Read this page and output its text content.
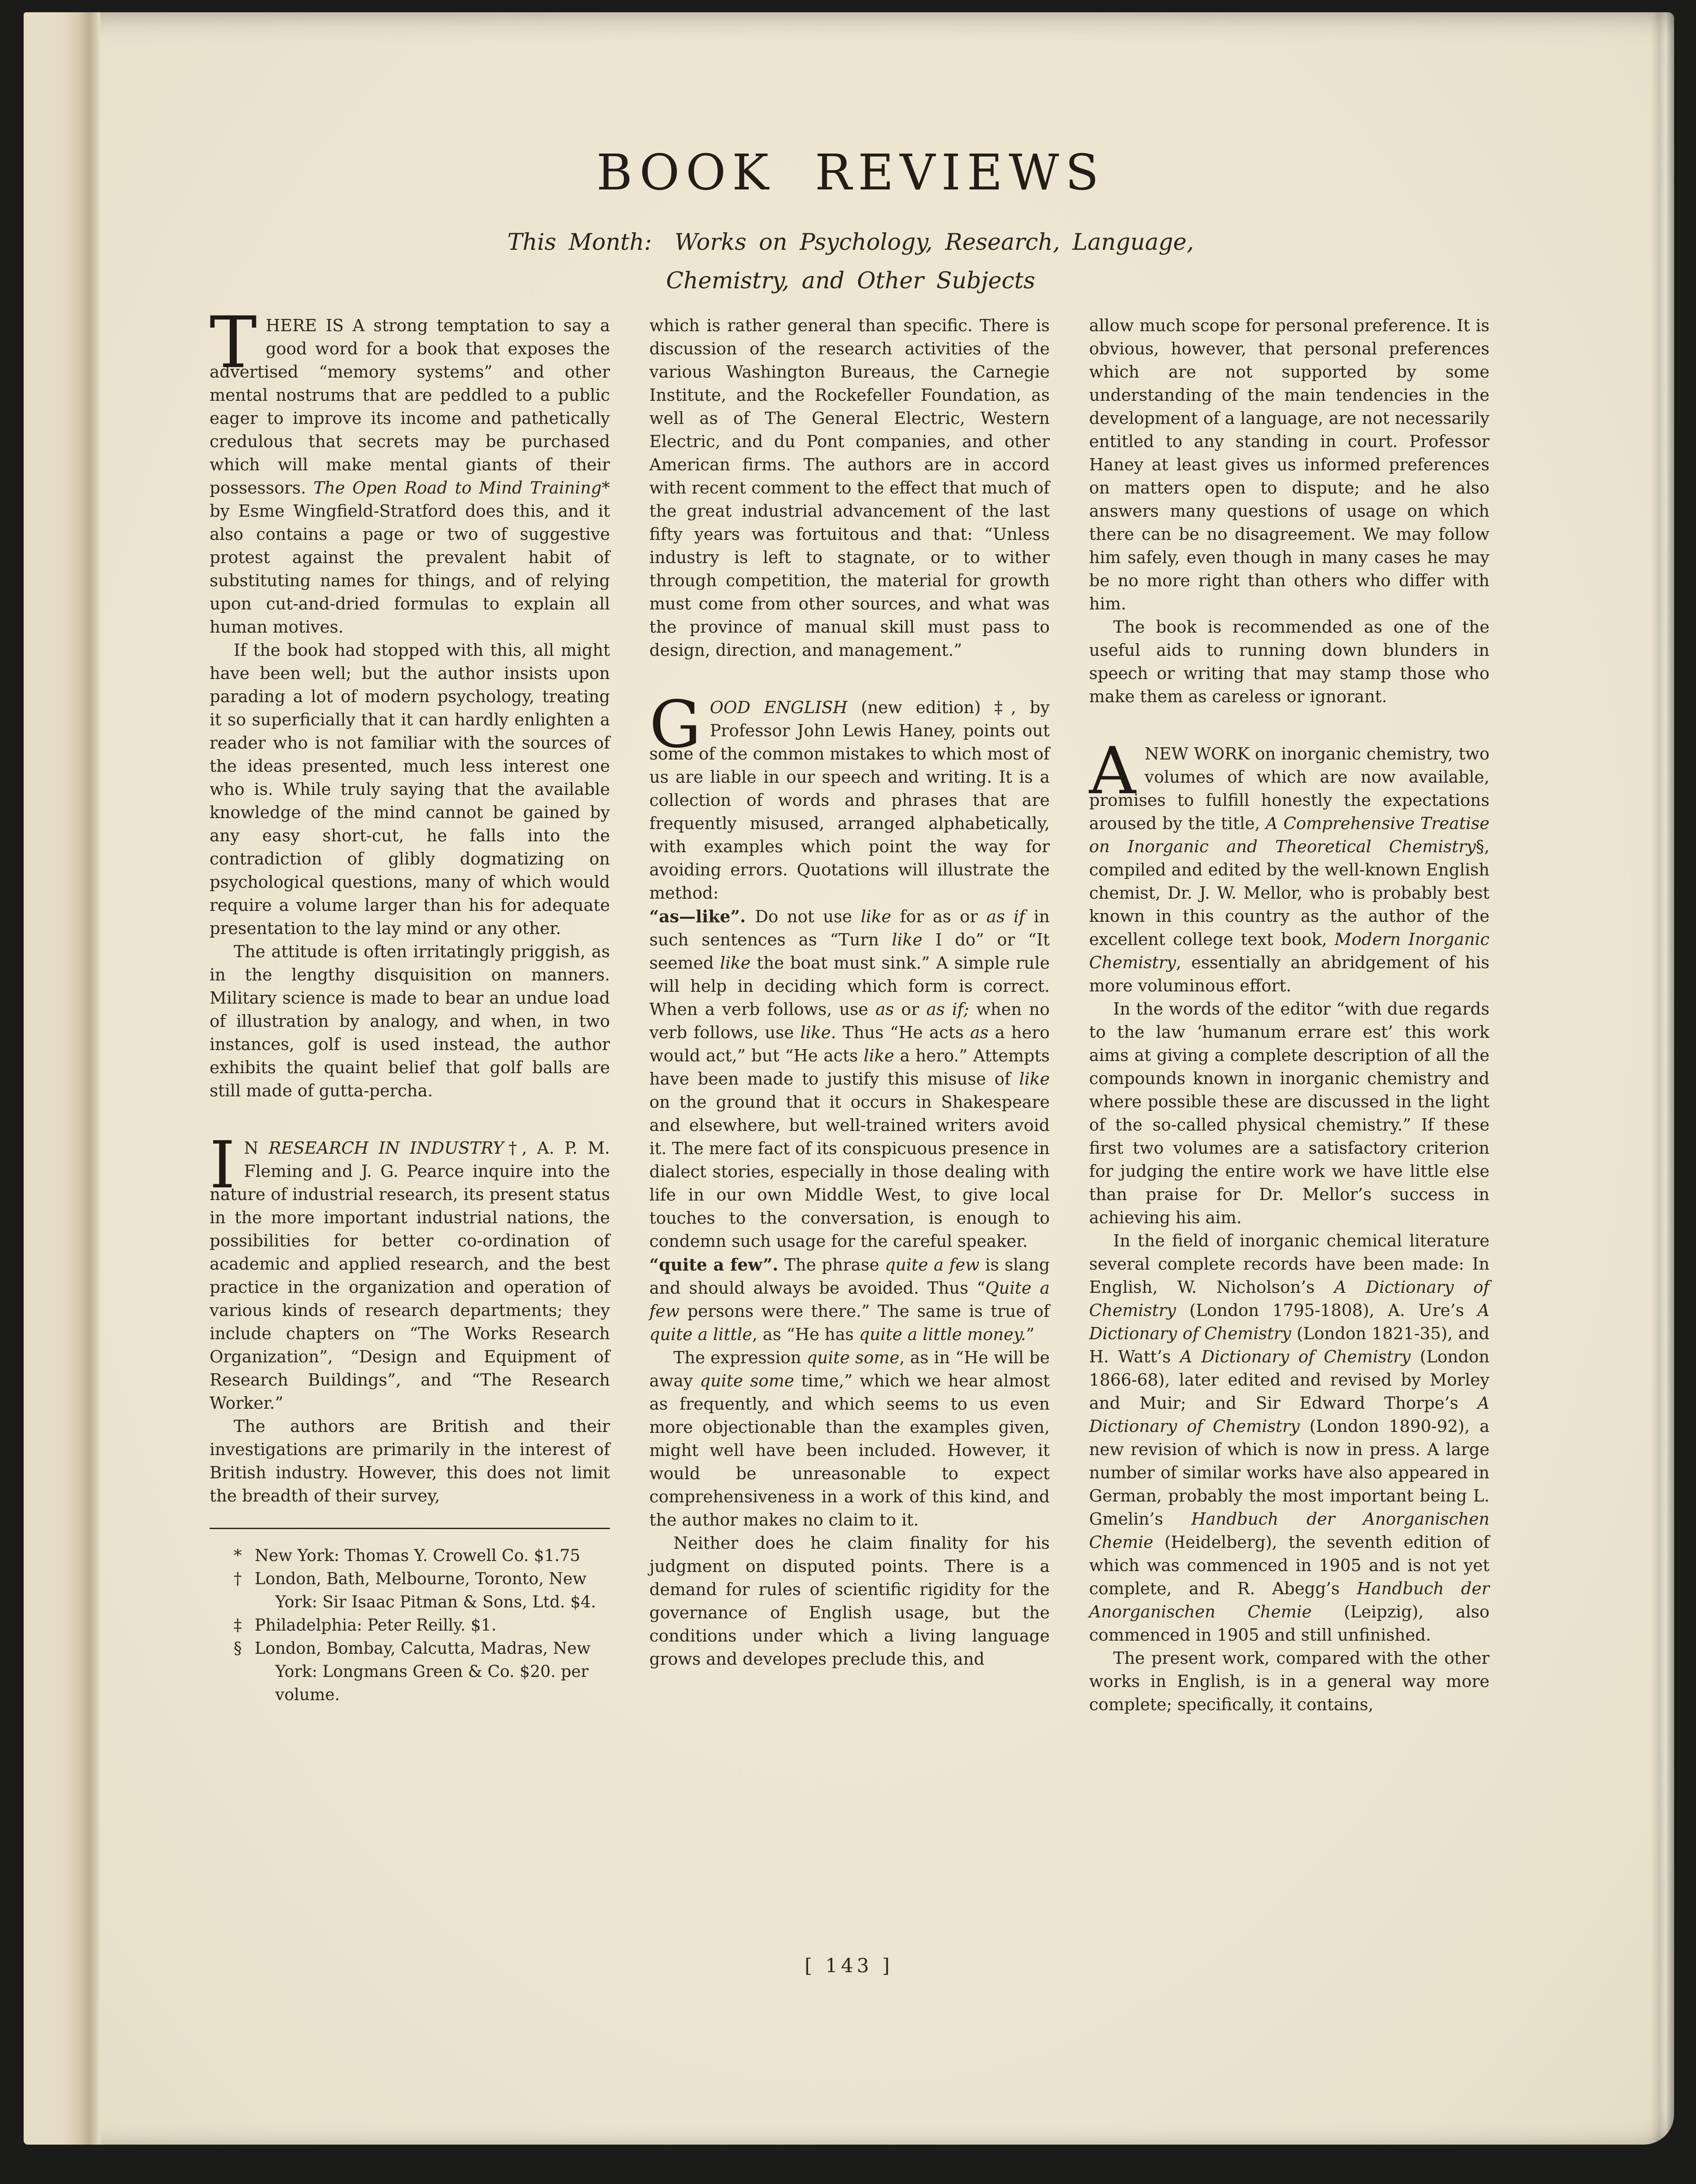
BOOK REVIEWS
This Month: Works on Psychology, Research, Language,
Chemistry, and Other Subjects

THERE IS A strong temptation to say a good word for a book that exposes the advertised “memory systems” and other mental nostrums that are peddled to a public eager to improve its income and pathetically credulous that secrets may be purchased which will make mental giants of their possessors. The Open Road to Mind Training* by Esme Wingfield-Stratford does this, and it also contains a page or two of suggestive protest against the prevalent habit of substituting names for things, and of relying upon cut-and-dried formulas to explain all human motives.

If the book had stopped with this, all might have been well; but the author insists upon parading a lot of modern psychology, treating it so superficially that it can hardly enlighten a reader who is not familiar with the sources of the ideas presented, much less interest one who is. While truly saying that the available knowledge of the mind cannot be gained by any easy short-cut, he falls into the contradiction of glibly dogmatizing on psychological questions, many of which would require a volume larger than his for adequate presentation to the lay mind or any other.

The attitude is often irritatingly priggish, as in the lengthy disquisition on manners. Military science is made to bear an undue load of illustration by analogy, and when, in two instances, golf is used instead, the author exhibits the quaint belief that golf balls are still made of gutta-percha.

I N RESEARCH IN INDUSTRY†, A. P. M. Fleming and J. G. Pearce inquire into the nature of industrial research, its present status in the more important industrial nations, the possibilities for better co-ordination of academic and applied research, and the best practice in the organization and operation of various kinds of research departments; they include chapters on “The Works Research Organization”, “Design and Equipment of Research Buildings”, and “The Research Worker.”

The authors are British and their investigations are primarily in the interest of British industry. However, this does not limit the breadth of their survey,

* New York: Thomas Y. Crowell Co. $1.75
† London, Bath, Melbourne, Toronto, New York: Sir Isaac Pitman & Sons, Ltd. $4.
‡ Philadelphia: Peter Reilly. $1.
§ London, Bombay, Calcutta, Madras, New York: Longmans Green & Co. $20. per volume.

which is rather general than specific. There is discussion of the research activities of the various Washington Bureaus, the Carnegie Institute, and the Rockefeller Foundation, as well as of The General Electric, Western Electric, and du Pont companies, and other American firms. The authors are in accord with recent comment to the effect that much of the great industrial advancement of the last fifty years was fortuitous and that: “Unless industry is left to stagnate, or to wither through competition, the material for growth must come from other sources, and what was the province of manual skill must pass to design, direction, and management.”

GOOD ENGLISH (new edition) ‡, by Professor John Lewis Haney, points out some of the common mistakes to which most of us are liable in our speech and writing. It is a collection of words and phrases that are frequently misused, arranged alphabetically, with examples which point the way for avoiding errors. Quotations will illustrate the method:

“as—like”. Do not use like for as or as if in such sentences as “Turn like I do” or “It seemed like the boat must sink.” A simple rule will help in deciding which form is correct. When a verb follows, use as or as if; when no verb follows, use like. Thus “He acts as a hero would act,” but “He acts like a hero.” Attempts have been made to justify this misuse of like on the ground that it occurs in Shakespeare and elsewhere, but well-trained writers avoid it. The mere fact of its conspicuous presence in dialect stories, especially in those dealing with life in our own Middle West, to give local touches to the conversation, is enough to condemn such usage for the careful speaker.

“quite a few”. The phrase quite a few is slang and should always be avoided. Thus “Quite a few persons were there.” The same is true of quite a little, as “He has quite a little money.”

The expression quite some, as in “He will be away quite some time,” which we hear almost as frequently, and which seems to us even more objectionable than the examples given, might well have been included. However, it would be unreasonable to expect comprehensiveness in a work of this kind, and the author makes no claim to it.

Neither does he claim finality for his judgment on disputed points. There is a demand for rules of scientific rigidity for the governance of English usage, but the conditions under which a living language grows and developes preclude this, and

allow much scope for personal preference. It is obvious, however, that personal preferences which are not supported by some understanding of the main tendencies in the development of a language, are not necessarily entitled to any standing in court. Professor Haney at least gives us informed preferences on matters open to dispute; and he also answers many questions of usage on which there can be no disagreement. We may follow him safely, even though in many cases he may be no more right than others who differ with him.

The book is recommended as one of the useful aids to running down blunders in speech or writing that may stamp those who make them as careless or ignorant.

A NEW WORK on inorganic chemistry, two volumes of which are now available, promises to fulfill honestly the expectations aroused by the title, A Comprehensive Treatise on Inorganic and Theoretical Chemistry§, compiled and edited by the well-known English chemist, Dr. J. W. Mellor, who is probably best known in this country as the author of the excellent college text book, Modern Inorganic Chemistry, essentially an abridgement of his more voluminous effort.

In the words of the editor “with due regards to the law ‘humanum errare est’ this work aims at giving a complete description of all the compounds known in inorganic chemistry and where possible these are discussed in the light of the so-called physical chemistry.” If these first two volumes are a satisfactory criterion for judging the entire work we have little else than praise for Dr. Mellor’s success in achieving his aim.

In the field of inorganic chemical literature several complete records have been made: In English, W. Nicholson’s A Dictionary of Chemistry (London 1795-1808), A. Ure’s A Dictionary of Chemistry (London 1821-35), and H. Watt’s A Dictionary of Chemistry (London 1866-68), later edited and revised by Morley and Muir; and Sir Edward Thorpe’s A Dictionary of Chemistry (London 1890-92), a new revision of which is now in press. A large number of similar works have also appeared in German, probably the most important being L. Gmelin’s Handbuch der Anorganischen Chemie (Heidelberg), the seventh edition of which was commenced in 1905 and is not yet complete, and R. Abegg’s Handbuch der Anorganischen Chemie (Leipzig), also commenced in 1905 and still unfinished.

The present work, compared with the other works in English, is in a general way more complete; specifically, it contains,

[ 143 ]
